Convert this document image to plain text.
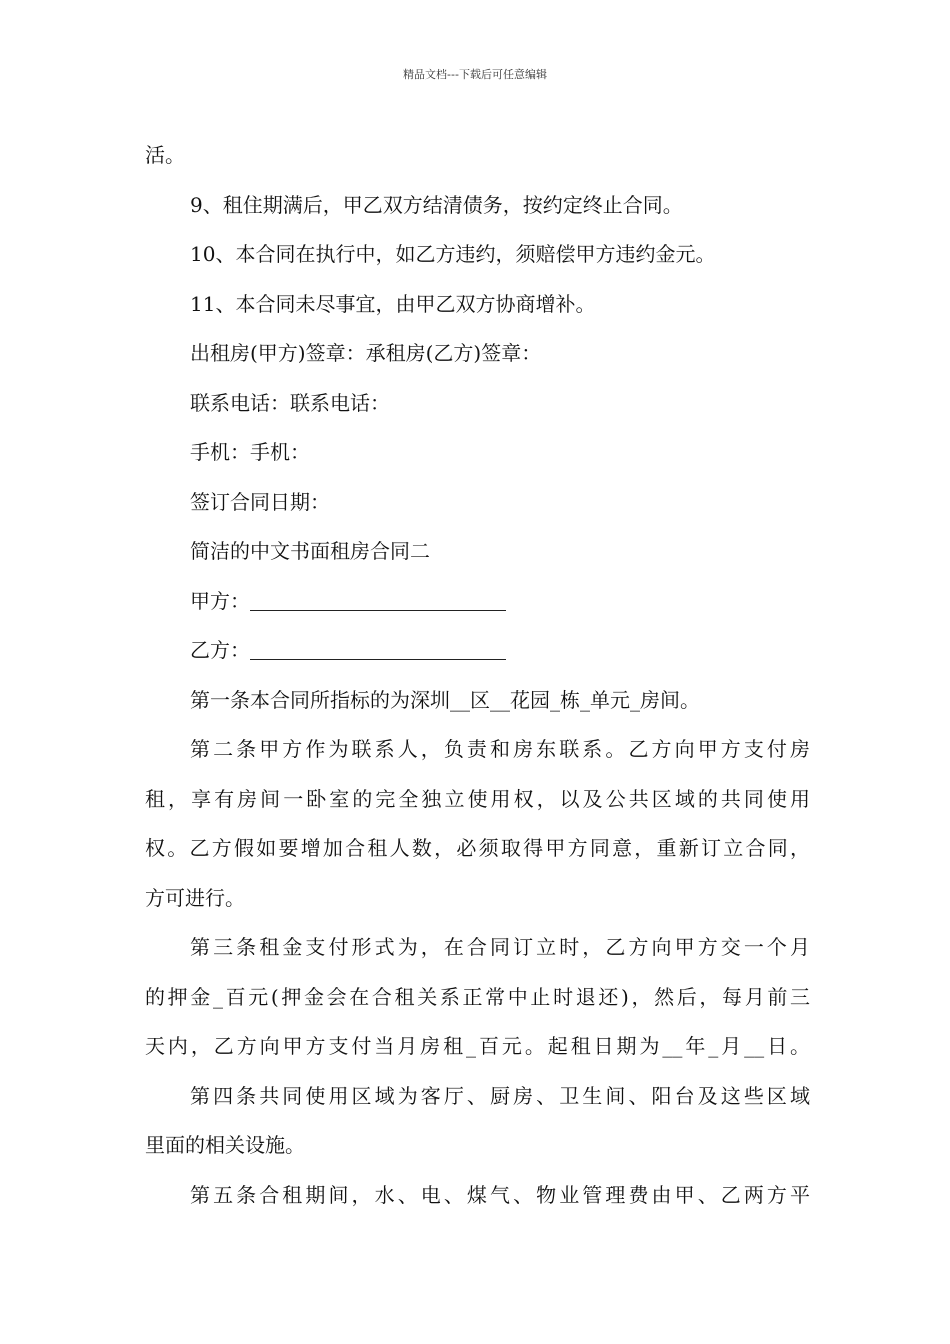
精品文档---下载后可任意编辑
活。
9、租住期满后，甲乙双方结清债务，按约定终止合同。
10、本合同在执行中，如乙方违约，须赔偿甲方违约金元。
11、本合同未尽事宜，由甲乙双方协商增补。
出租房(甲方)签章：承租房(乙方)签章：
联系电话：联系电话：
手机：手机：
签订合同日期：
简洁的中文书面租房合同二
甲方：
乙方：
第一条本合同所指标的为深圳__区__花园_栋_单元_房间。
第二条甲方作为联系人，负责和房东联系。乙方向甲方支付房
租，享有房间一卧室的完全独立使用权，以及公共区域的共同使用
权。乙方假如要增加合租人数，必须取得甲方同意，重新订立合同，
方可进行。
第三条租金支付形式为，在合同订立时，乙方向甲方交一个月
的押金_百元(押金会在合租关系正常中止时退还)，然后，每月前三
天内，乙方向甲方支付当月房租_百元。起租日期为__年_月__日。
第四条共同使用区域为客厅、厨房、卫生间、阳台及这些区域
里面的相关设施。
第五条合租期间，水、电、煤气、物业管理费由甲、乙两方平
